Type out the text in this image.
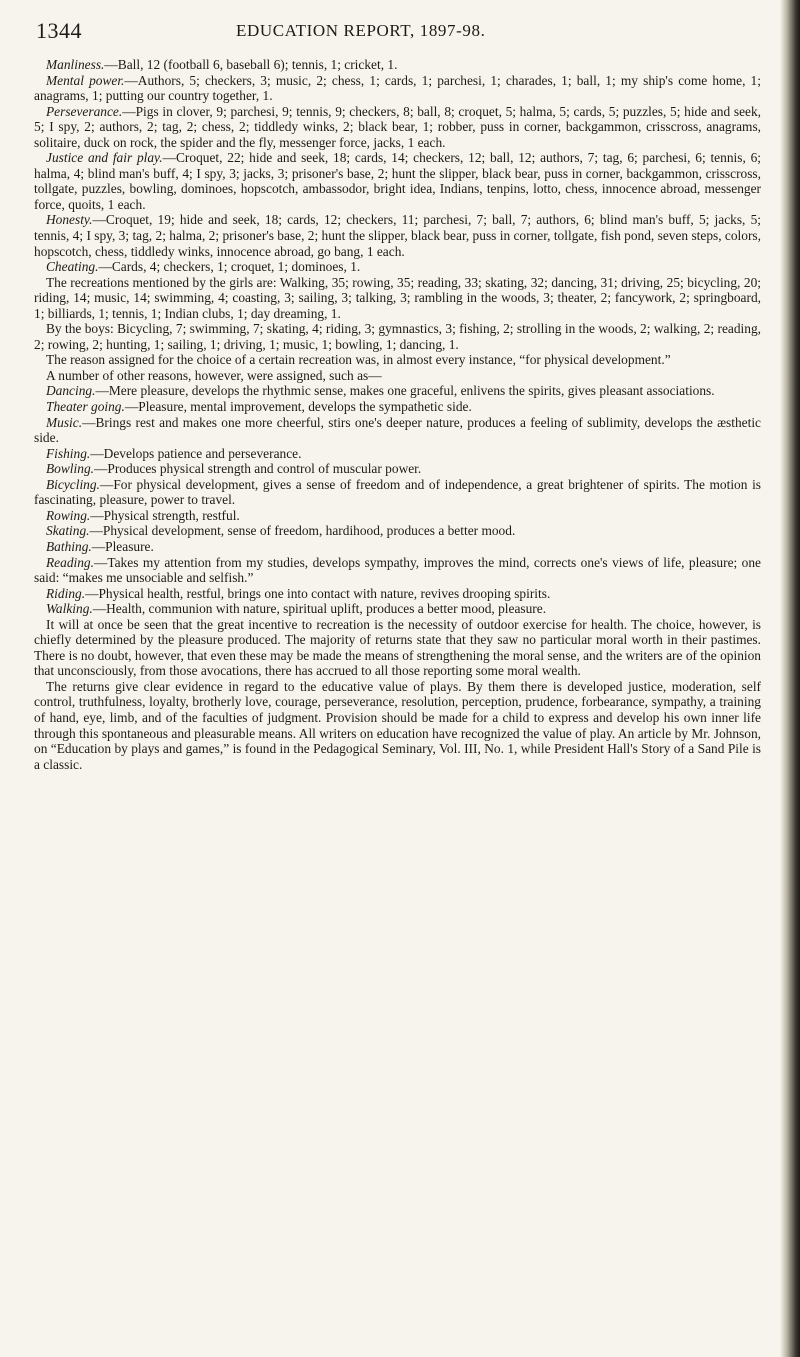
1344	EDUCATION REPORT, 1897-98.

Manliness.—Ball, 12 (football 6, baseball 6); tennis, 1; cricket, 1.

Mental power.—Authors, 5; checkers, 3; music, 2; chess, 1; cards, 1; parchesi, 1; charades, 1; ball, 1; my ship's come home, 1; anagrams, 1; putting our country together, 1.

Perseverance.—Pigs in clover, 9; parchesi, 9; tennis, 9; checkers, 8; ball, 8; croquet, 5; halma, 5; cards, 5; puzzles, 5; hide and seek, 5; I spy, 2; authors, 2; tag, 2; chess, 2; tiddledy winks, 2; black bear, 1; robber, puss in corner, backgammon, crisscross, anagrams, solitaire, duck on rock, the spider and the fly, messenger force, jacks, 1 each.

Justice and fair play.—Croquet, 22; hide and seek, 18; cards, 14; checkers, 12; ball, 12; authors, 7; tag, 6; parchesi, 6; tennis, 6; halma, 4; blind man's buff, 4; I spy, 3; jacks, 3; prisoner's base, 2; hunt the slipper, black bear, puss in corner, backgammon, crisscross, tollgate, puzzles, bowling, dominoes, hopscotch, ambassodor, bright idea, Indians, tenpins, lotto, chess, innocence abroad, messenger force, quoits, 1 each.

Honesty.—Croquet, 19; hide and seek, 18; cards, 12; checkers, 11; parchesi, 7; ball, 7; authors, 6; blind man's buff, 5; jacks, 5; tennis, 4; I spy, 3; tag, 2; halma, 2; prisoner's base, 2; hunt the slipper, black bear, puss in corner, tollgate, fish pond, seven steps, colors, hopscotch, chess, tiddledy winks, innocence abroad, go bang, 1 each.

Cheating.—Cards, 4; checkers, 1; croquet, 1; dominoes, 1.

The recreations mentioned by the girls are: Walking, 35; rowing, 35; reading, 33; skating, 32; dancing, 31; driving, 25; bicycling, 20; riding, 14; music, 14; swimming, 4; coasting, 3; sailing, 3; talking, 3; rambling in the woods, 3; theater, 2; fancywork, 2; springboard, 1; billiards, 1; tennis, 1; Indian clubs, 1; day dreaming, 1.

By the boys: Bicycling, 7; swimming, 7; skating, 4; riding, 3; gymnastics, 3; fishing, 2; strolling in the woods, 2; walking, 2; reading, 2; rowing, 2; hunting, 1; sailing, 1; driving, 1; music, 1; bowling, 1; dancing, 1.

The reason assigned for the choice of a certain recreation was, in almost every instance, “for physical development.”

A number of other reasons, however, were assigned, such as—

Dancing.—Mere pleasure, develops the rhythmic sense, makes one graceful, enlivens the spirits, gives pleasant associations.

Theater going.—Pleasure, mental improvement, develops the sympathetic side.

Music.—Brings rest and makes one more cheerful, stirs one's deeper nature, produces a feeling of sublimity, develops the æsthetic side.

Fishing.—Develops patience and perseverance.

Bowling.—Produces physical strength and control of muscular power.

Bicycling.—For physical development, gives a sense of freedom and of independence, a great brightener of spirits. The motion is fascinating, pleasure, power to travel.

Rowing.—Physical strength, restful.

Skating.—Physical development, sense of freedom, hardihood, produces a better mood.

Bathing.—Pleasure.

Reading.—Takes my attention from my studies, develops sympathy, improves the mind, corrects one's views of life, pleasure; one said: “makes me unsociable and selfish.”

Riding.—Physical health, restful, brings one into contact with nature, revives drooping spirits.

Walking.—Health, communion with nature, spiritual uplift, produces a better mood, pleasure.

It will at once be seen that the great incentive to recreation is the necessity of outdoor exercise for health. The choice, however, is chiefly determined by the pleasure produced. The majority of returns state that they saw no particular moral worth in their pastimes. There is no doubt, however, that even these may be made the means of strengthening the moral sense, and the writers are of the opinion that unconsciously, from those avocations, there has accrued to all those reporting some moral wealth.

The returns give clear evidence in regard to the educative value of plays. By them there is developed justice, moderation, self control, truthfulness, loyalty, brotherly love, courage, perseverance, resolution, perception, prudence, forbearance, sympathy, a training of hand, eye, limb, and of the faculties of judgment. Provision should be made for a child to express and develop his own inner life through this spontaneous and pleasurable means. All writers on education have recognized the value of play. An article by Mr. Johnson, on “Education by plays and games,” is found in the Pedagogical Seminary, Vol. III, No. 1, while President Hall's Story of a Sand Pile is a classic.
